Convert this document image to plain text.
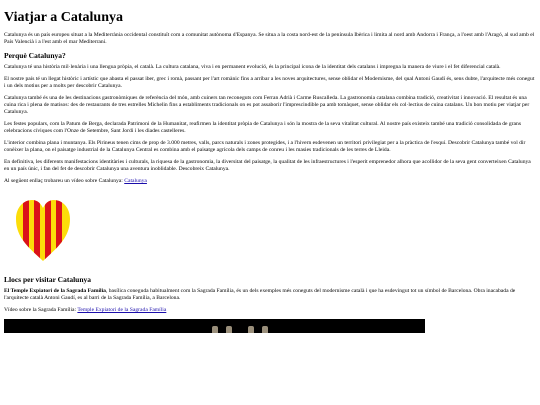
Viatjar a Catalunya

Catalunya és un país europeu situat a la Mediterrània occidental constituït com a comunitat autònoma d'Espanya. Se situa a la costa nord-est de la península Ibèrica i limita al nord amb Andorra i França, a l'oest amb l'Aragó, al sud amb el País Valencià i a l'est amb el mar Mediterrani.

Perquè Catalunya?

Catalunya té una història mil·lenària i una llengua pròpia, el català. La cultura catalana, viva i en permanent evolució, és la principal icona de la identitat dels catalans i impregna la manera de viure i el fet diferencial català.

El nostre país té un llegat històric i artístic que abasta el passat iber, grec i romà, passant per l'art romànic fins a arribar a les noves arquitectures, sense oblidar el Modernisme, del qual Antoni Gaudí és, sens dubte, l'arquitecte més conegut i un dels motius per a molts per descobrir Catalunya.

Catalunya també és una de les destinacions gastronòmiques de referència del món, amb cuiners tan reconeguts com Ferran Adrià i Carme Ruscalleda. La gastronomia catalana combina tradició, creativitat i innovació. El resultat és una cuina rica i plena de matisos: des de restaurants de tres estrelles Michelin fins a establiments tradicionals on es pot assaborir l'imprescindible pa amb tomàquet, sense oblidar els col·lectius de cuina catalans. Un bon motiu per viatjar per Catalunya.

Les festes populars, com la Patum de Berga, declarada Patrimoni de la Humanitat, reafirmen la identitat pròpia de Catalunya i són la mostra de la seva vitalitat cultural. Al nostre país existeix també una tradició consolidada de grans celebracions cíviques com l'Onze de Setembre, Sant Jordi i les diades castelleres.

L'interior combina plana i muntanya. Els Pirineus tenen cims de prop de 3.000 metres, valls, parcs naturals i zones protegides, i a l'hivern esdevenen un territori privilegiat per a la pràctica de l'esquí. Descobrir Catalunya també vol dir conèixer la plana, on el paisatge industrial de la Catalunya Central es combina amb el paisatge agrícola dels camps de conreu i les masies tradicionals de les terres de Lleida.

En definitiva, les diferents manifestacions identitàries i culturals, la riquesa de la gastronomia, la diversitat del paisatge, la qualitat de les infraestructures i l'esperit emprenedor alhora que acollidor de la seva gent converteixen Catalunya en un país únic, i fan del fet de descobrir Catalunya una aventura inoblidable. Descobreix Catalunya.

Al següent enllaç trobareu un vídeo sobre Catalunya: Catalunya

Llocs per visitar Catalunya

El Temple Expiatori de la Sagrada Família, basílica coneguda habitualment com la Sagrada Família, és un dels exemples més coneguts del modernisme català i que ha esdevingut tot un símbol de Barcelona. Obra inacabada de l'arquitecte català Antoni Gaudí, es al barri de la Sagrada Família, a Barcelona.

Vídeo sobre la Sagrada Família: Temple Expiatori de la Sagrada Família
